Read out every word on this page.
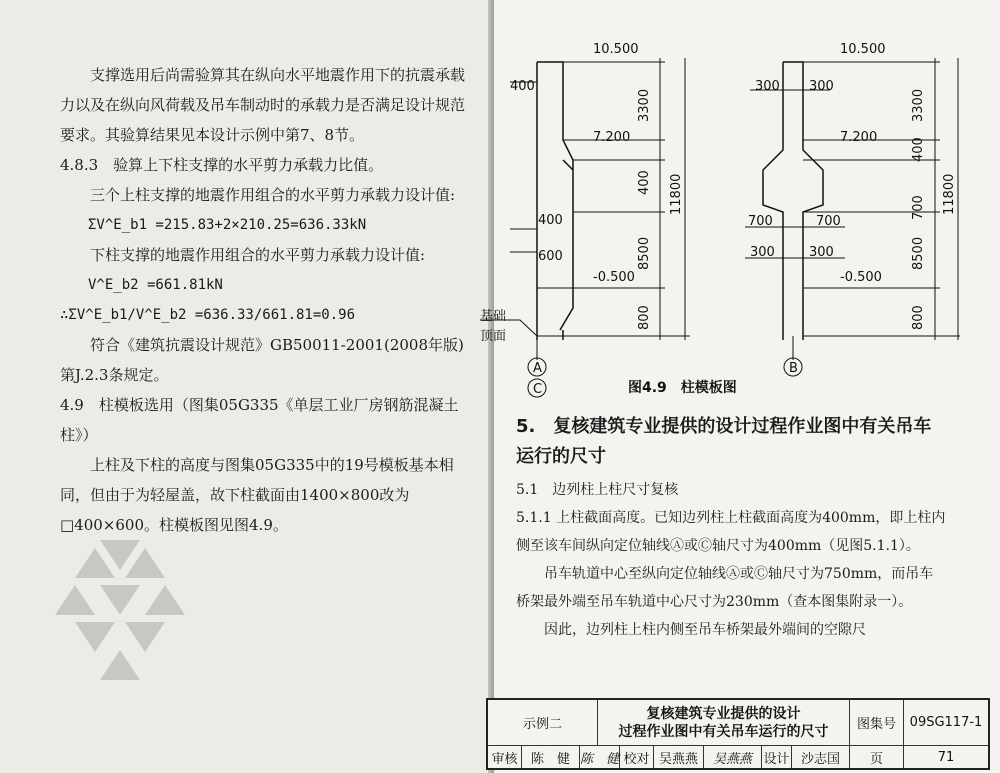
支撑选用后尚需验算其在纵向水平地震作用下的抗震承载力以及在纵向风荷载及吊车制动时的承载力是否满足设计规范要求。其验算结果见本设计示例中第7、8节。

4.8.3　验算上下柱支撑的水平剪力承载力比值。

三个上柱支撑的地震作用组合的水平剪力承载力设计值:

ΣV^E_b1 =215.83+2×210.25=636.33kN

下柱支撑的地震作用组合的水平剪力承载力设计值:

V^E_b2 =661.81kN

∴ΣV^E_b1/V^E_b2 =636.33/661.81=0.96

符合《建筑抗震设计规范》GB50011-2001(2008年版)第J.2.3条规定。

4.9　柱模板选用（图集05G335《单层工业厂房钢筋混凝土柱》）

上柱及下柱的高度与图集05G335中的19号模板基本相同，但由于为轻屋盖，故下柱截面由1400×800改为□400×600。柱模板图见图4.9。

10.500
7.200
-0.500
400
400
600
3300
400
8500
800
11800
基础
顶面
A
C
10.500
7.200
-0.500
300 300
700	700
300	300
3300
400
700
8500
800
11800
B
图4.9　柱模板图

5.　复核建筑专业提供的设计过程作业图中有关吊车运行的尺寸

5.1　边列柱上柱尺寸复核

5.1.1 上柱截面高度。已知边列柱上柱截面高度为400mm，即上柱内侧至该车间纵向定位轴线Ⓐ或Ⓒ轴尺寸为400mm（见图5.1.1）。

吊车轨道中心至纵向定位轴线Ⓐ或Ⓒ轴尺寸为750mm，而吊车桥架最外端至吊车轨道中心尺寸为230mm（查本图集附录一）。

因此，边列柱上柱内侧至吊车桥架最外端间的空隙尺

示例二
复核建筑专业提供的设计
过程作业图中有关吊车运行的尺寸	图集号	09SG117-1
审核	陈　健 陈　健 校对 吴燕燕	吴燕燕 设计 沙志国	页	71
